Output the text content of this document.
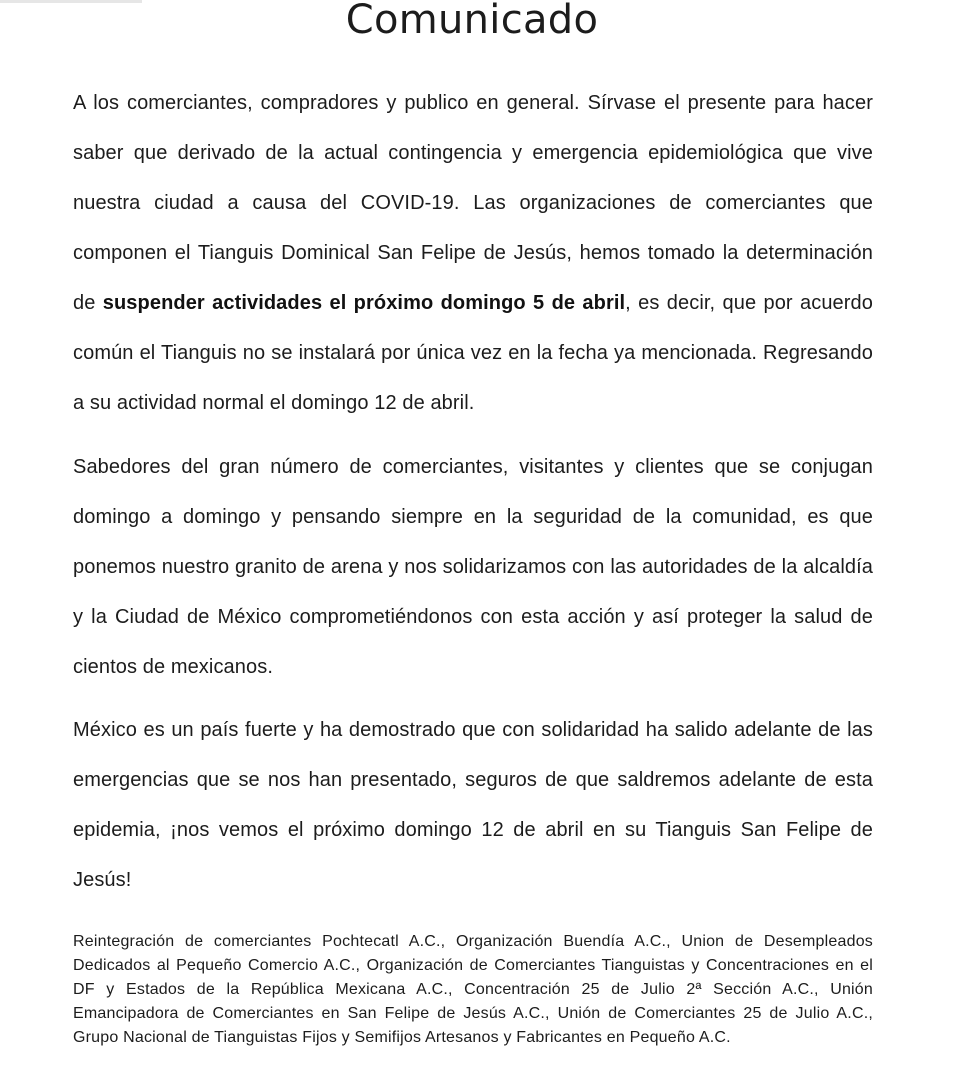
Comunicado

A los comerciantes, compradores y publico en general. Sírvase el presente para hacer saber que derivado de la actual contingencia y emergencia epidemiológica que vive nuestra ciudad a causa del COVID-19. Las organizaciones de comerciantes que componen el Tianguis Dominical San Felipe de Jesús, hemos tomado la determinación de suspender actividades el próximo domingo 5 de abril, es decir, que por acuerdo común el Tianguis no se instalará por única vez en la fecha ya mencionada. Regresando a su actividad normal el domingo 12 de abril.

Sabedores del gran número de comerciantes, visitantes y clientes que se conjugan domingo a domingo y pensando siempre en la seguridad de la comunidad, es que ponemos nuestro granito de arena y nos solidarizamos con las autoridades de la alcaldía y la Ciudad de México comprometiéndonos con esta acción y así proteger la salud de cientos de mexicanos.

México es un país fuerte y ha demostrado que con solidaridad ha salido adelante de las emergencias que se nos han presentado, seguros de que saldremos adelante de esta epidemia, ¡nos vemos el próximo domingo 12 de abril en su Tianguis San Felipe de Jesús!

Reintegración de comerciantes Pochtecatl A.C., Organización Buendía A.C., Union de Desempleados Dedicados al Pequeño Comercio A.C., Organización de Comerciantes Tianguistas y Concentraciones en el DF y Estados de la República Mexicana A.C., Concentración 25 de Julio 2ª Sección A.C., Unión Emancipadora de Comerciantes en San Felipe de Jesús A.C., Unión de Comerciantes 25 de Julio A.C., Grupo Nacional de Tianguistas Fijos y Semifijos Artesanos y Fabricantes en Pequeño A.C.
